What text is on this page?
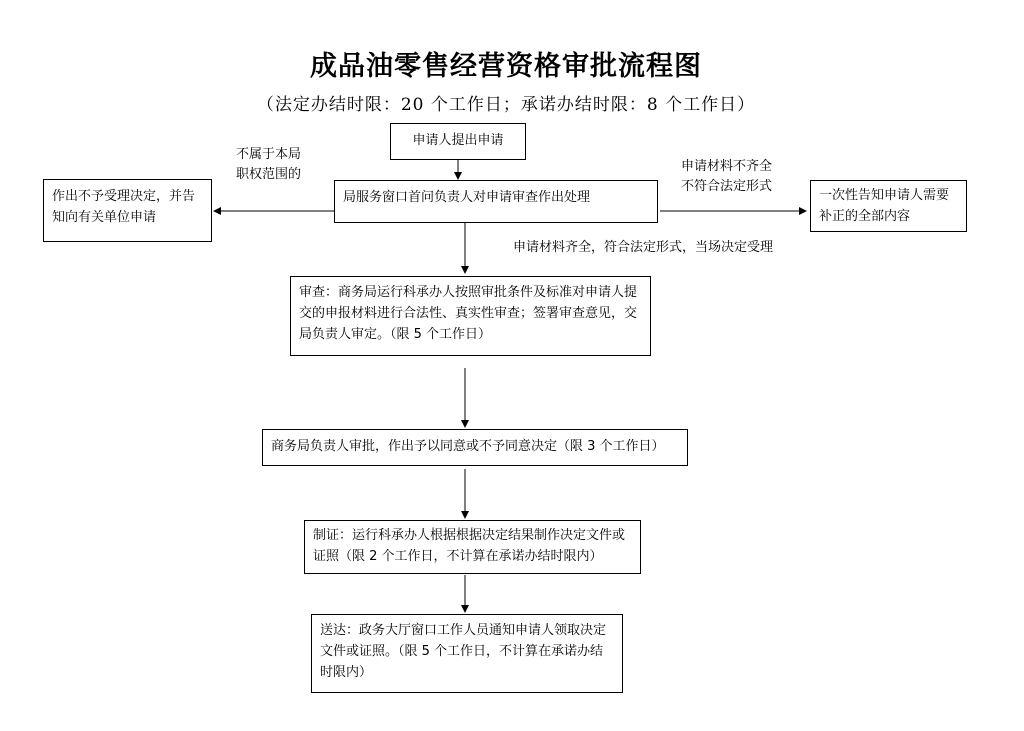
成品油零售经营资格审批流程图
（法定办结时限：20 个工作日；承诺办结时限：8 个工作日）
申请人提出申请
局服务窗口首问负责人对申请审查作出处理
作出不予受理决定，并告知向有关单位申请
一次性告知申请人需要补正的全部内容
审查：商务局运行科承办人按照审批条件及标准对申请人提交的申报材料进行合法性、真实性审查；签署审查意见，交局负责人审定。（限 5 个工作日）
商务局负责人审批，作出予以同意或不予同意决定（限 3 个工作日）
制证：运行科承办人根据根据决定结果制作决定文件或证照（限 2 个工作日，不计算在承诺办结时限内）
送达：政务大厅窗口工作人员通知申请人领取决定文件或证照。（限 5 个工作日，不计算在承诺办结时限内）
不属于本局
职权范围的
申请材料不齐全
不符合法定形式
申请材料齐全，符合法定形式，当场决定受理
